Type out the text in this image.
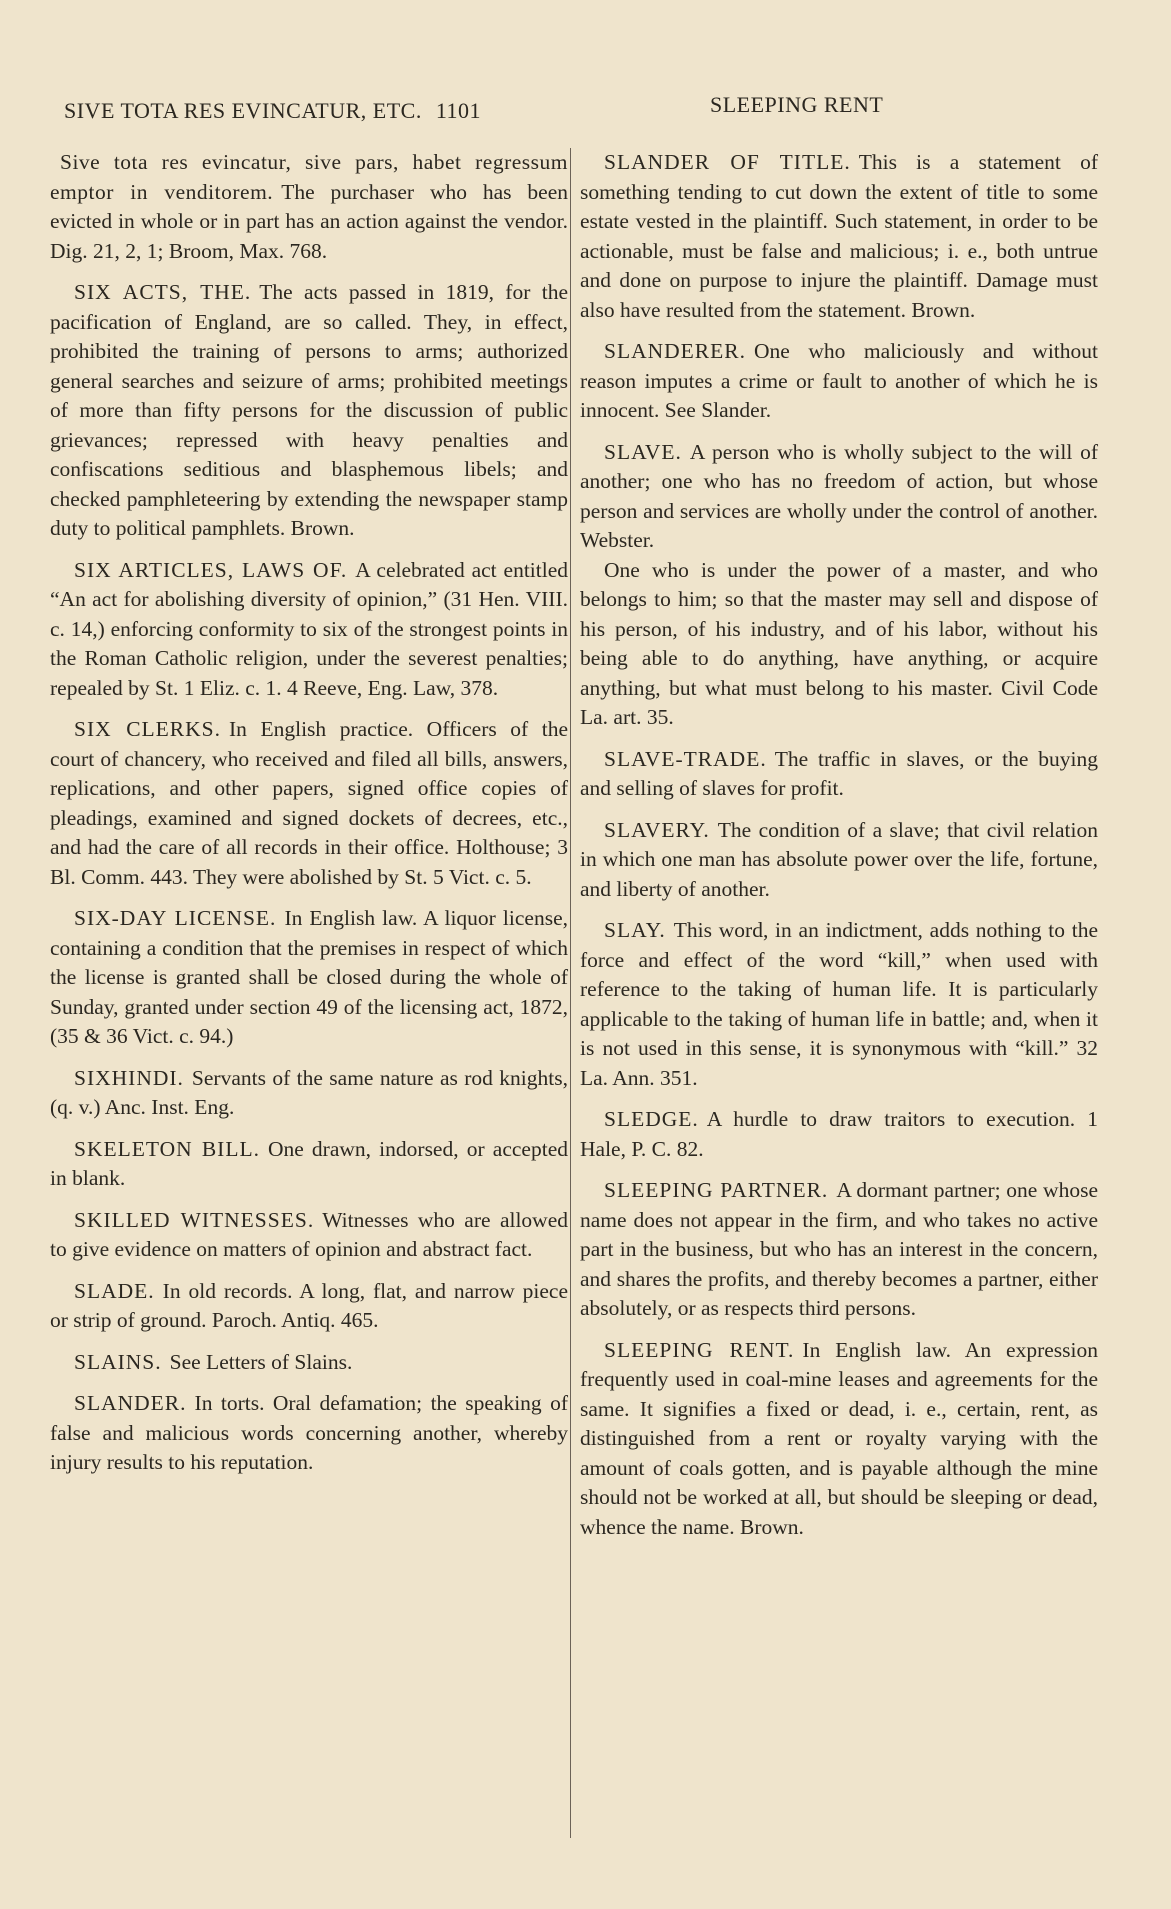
SIVE TOTA RES EVINCATUR, ETC. 1101	SLEEPING RENT

Sive tota res evincatur, sive pars, habet regressum emptor in venditorem. The purchaser who has been evicted in whole or in part has an action against the vendor. Dig. 21, 2, 1; Broom, Max. 768.

SIX ACTS, THE. The acts passed in 1819, for the pacification of England, are so called. They, in effect, prohibited the training of persons to arms; authorized general searches and seizure of arms; prohibited meetings of more than fifty persons for the discussion of public grievances; repressed with heavy penalties and confiscations seditious and blasphemous libels; and checked pamphleteering by extending the newspaper stamp duty to political pamphlets. Brown.

SIX ARTICLES, LAWS OF. A celebrated act entitled “An act for abolishing diversity of opinion,” (31 Hen. VIII. c. 14,) enforcing conformity to six of the strongest points in the Roman Catholic religion, under the severest penalties; repealed by St. 1 Eliz. c. 1. 4 Reeve, Eng. Law, 378.

SIX CLERKS. In English practice. Officers of the court of chancery, who received and filed all bills, answers, replications, and other papers, signed office copies of pleadings, examined and signed dockets of decrees, etc., and had the care of all records in their office. Holthouse; 3 Bl. Comm. 443. They were abolished by St. 5 Vict. c. 5.

SIX-DAY LICENSE. In English law. A liquor license, containing a condition that the premises in respect of which the license is granted shall be closed during the whole of Sunday, granted under section 49 of the licensing act, 1872, (35 & 36 Vict. c. 94.)

SIXHINDI. Servants of the same nature as rod knights, (q. v.) Anc. Inst. Eng.

SKELETON BILL. One drawn, indorsed, or accepted in blank.

SKILLED WITNESSES. Witnesses who are allowed to give evidence on matters of opinion and abstract fact.

SLADE. In old records. A long, flat, and narrow piece or strip of ground. Paroch. Antiq. 465.

SLAINS. See Letters of Slains.

SLANDER. In torts. Oral defamation; the speaking of false and malicious words concerning another, whereby injury results to his reputation.

SLANDER OF TITLE. This is a statement of something tending to cut down the extent of title to some estate vested in the plaintiff. Such statement, in order to be actionable, must be false and malicious; i. e., both untrue and done on purpose to injure the plaintiff. Damage must also have resulted from the statement. Brown.

SLANDERER. One who maliciously and without reason imputes a crime or fault to another of which he is innocent. See Slander.

SLAVE. A person who is wholly subject to the will of another; one who has no freedom of action, but whose person and services are wholly under the control of another. Webster.

One who is under the power of a master, and who belongs to him; so that the master may sell and dispose of his person, of his industry, and of his labor, without his being able to do anything, have anything, or acquire anything, but what must belong to his master. Civil Code La. art. 35.

SLAVE-TRADE. The traffic in slaves, or the buying and selling of slaves for profit.

SLAVERY. The condition of a slave; that civil relation in which one man has absolute power over the life, fortune, and liberty of another.

SLAY. This word, in an indictment, adds nothing to the force and effect of the word “kill,” when used with reference to the taking of human life. It is particularly applicable to the taking of human life in battle; and, when it is not used in this sense, it is synonymous with “kill.” 32 La. Ann. 351.

SLEDGE. A hurdle to draw traitors to execution. 1 Hale, P. C. 82.

SLEEPING PARTNER. A dormant partner; one whose name does not appear in the firm, and who takes no active part in the business, but who has an interest in the concern, and shares the profits, and thereby becomes a partner, either absolutely, or as respects third persons.

SLEEPING RENT. In English law. An expression frequently used in coal-mine leases and agreements for the same. It signifies a fixed or dead, i. e., certain, rent, as distinguished from a rent or royalty varying with the amount of coals gotten, and is payable although the mine should not be worked at all, but should be sleeping or dead, whence the name. Brown.
